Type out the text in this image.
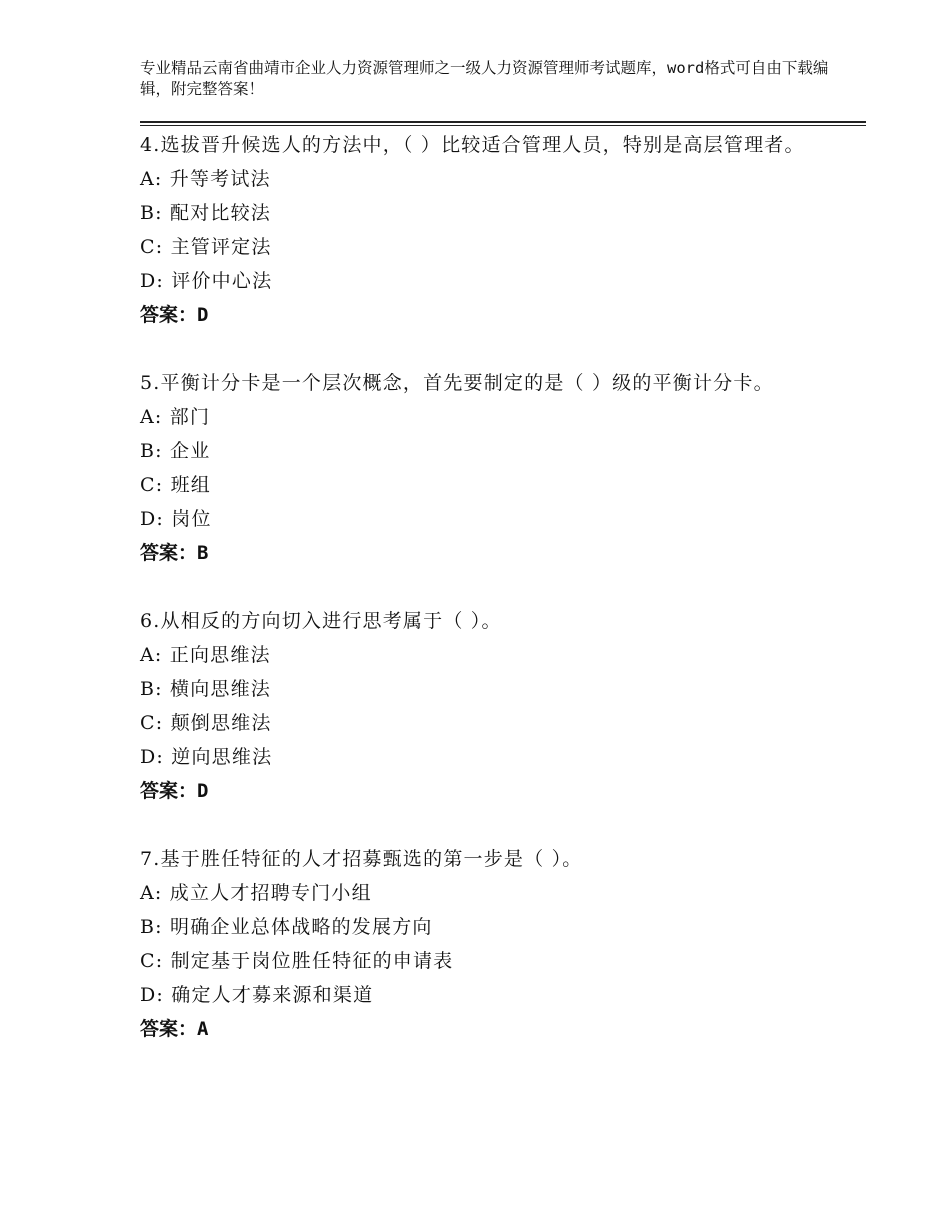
专业精品云南省曲靖市企业人力资源管理师之一级人力资源管理师考试题库，word格式可自由下载编辑，附完整答案！

4.选拔晋升候选人的方法中，（ ）比较适合管理人员，特别是高层管理者。

A: 升等考试法

B: 配对比较法

C: 主管评定法

D: 评价中心法

答案：D

5.平衡计分卡是一个层次概念，首先要制定的是（ ）级的平衡计分卡。

A: 部门

B: 企业

C: 班组

D: 岗位

答案：B

6.从相反的方向切入进行思考属于（ ）。

A: 正向思维法

B: 横向思维法

C: 颠倒思维法

D: 逆向思维法

答案：D

7.基于胜任特征的人才招募甄选的第一步是（ ）。

A: 成立人才招聘专门小组

B: 明确企业总体战略的发展方向

C: 制定基于岗位胜任特征的申请表

D: 确定人才募来源和渠道

答案：A
